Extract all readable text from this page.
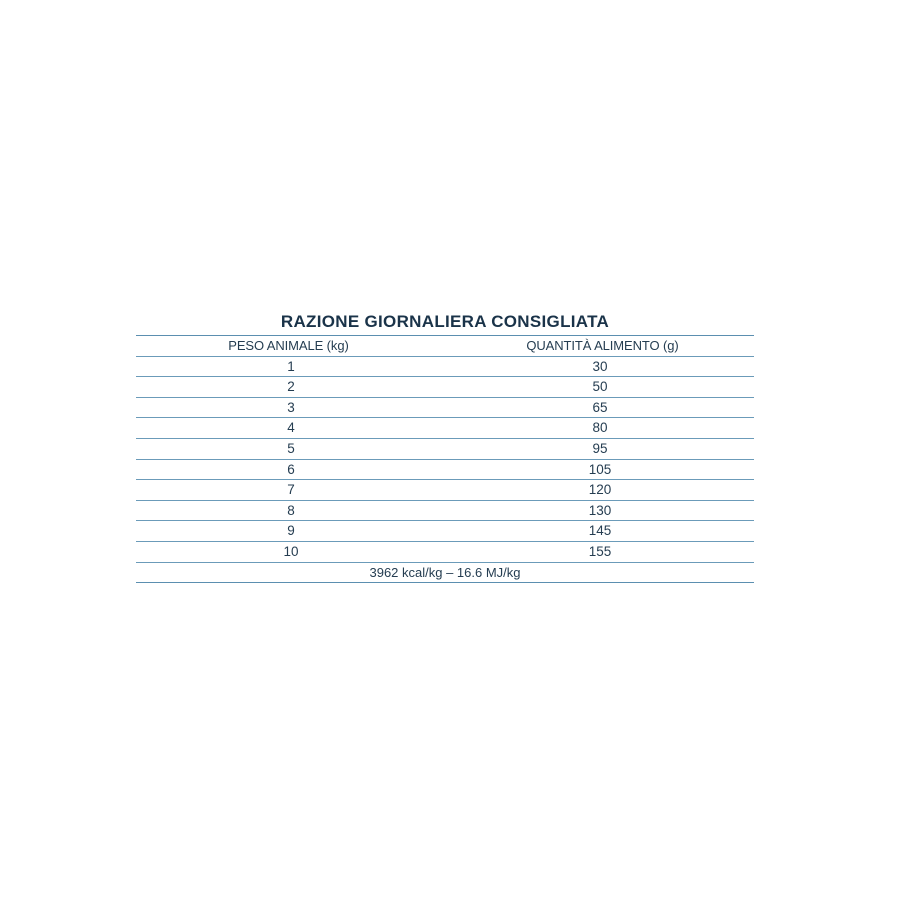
RAZIONE GIORNALIERA CONSIGLIATA
PESO ANIMALE (kg)	QUANTITÀ ALIMENTO (g)
1	30
2	50
3	65
4	80
5	95
6	105
7	120
8	130
9	145
10	155
3962 kcal/kg – 16.6 MJ/kg
